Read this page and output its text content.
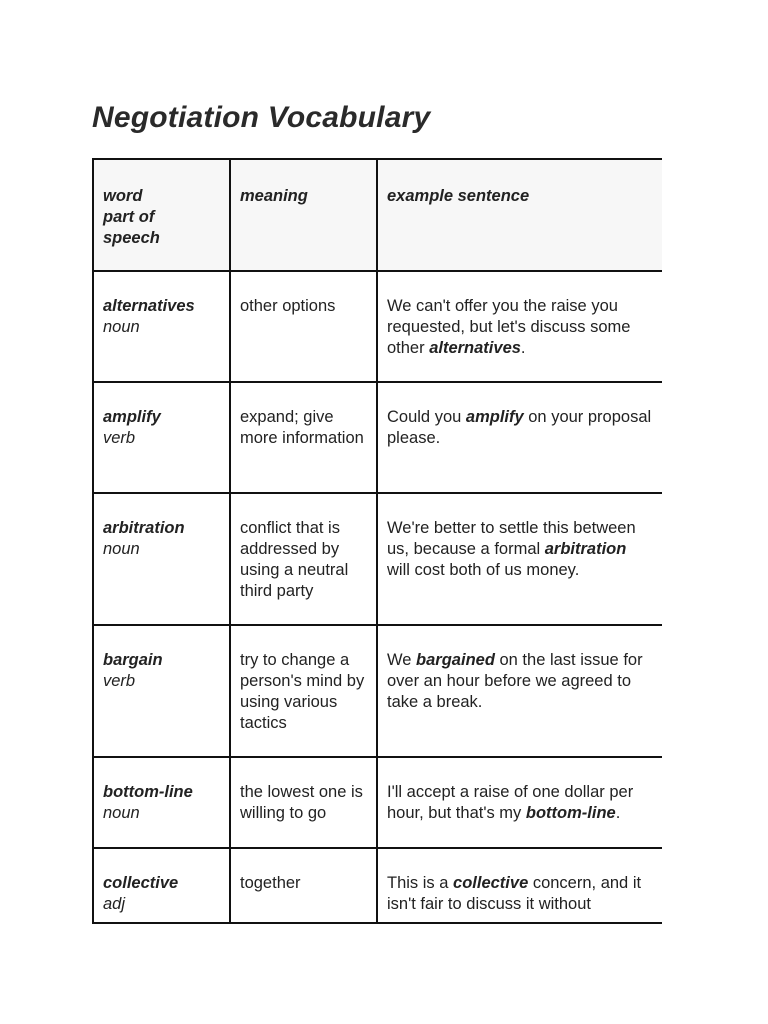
Negotiation Vocabulary
word
part of
speech	meaning	example sentence

alternatives
noun	other options	We can't offer you the raise you requested, but let's discuss some other alternatives.

amplify
verb	expand; give more information	Could you amplify on your proposal please.

arbitration
noun	conflict that is addressed by using a neutral third party	We're better to settle this between us, because a formal arbitration will cost both of us money.

bargain
verb	try to change a person's mind by using various tactics	We bargained on the last issue for over an hour before we agreed to take a break.

bottom-line
noun	the lowest one is willing to go	I'll accept a raise of one dollar per hour, but that's my bottom-line.

collective
adj	together	This is a collective concern, and it isn't fair to discuss it without
